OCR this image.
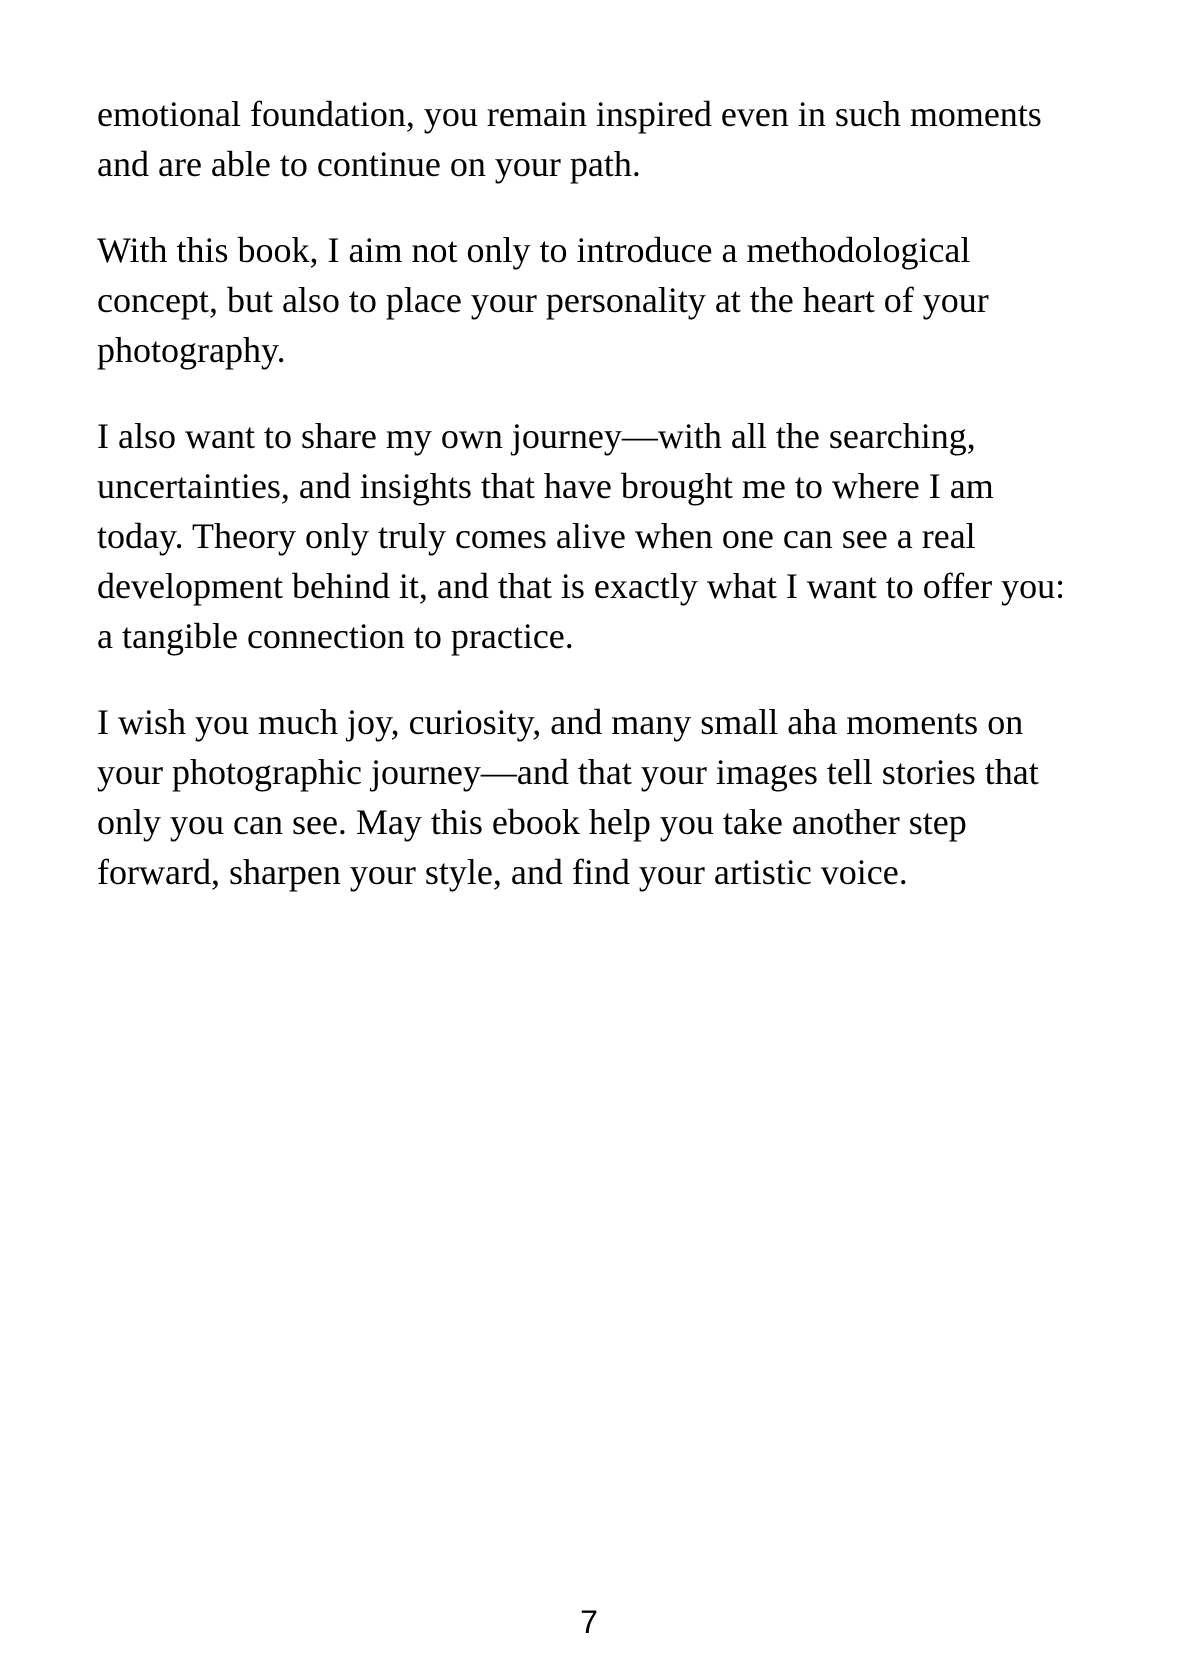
emotional foundation, you remain inspired even in such moments
and are able to continue on your path.

With this book, I aim not only to introduce a methodological
concept, but also to place your personality at the heart of your
photography.

I also want to share my own journey—with all the searching,
uncertainties, and insights that have brought me to where I am
today. Theory only truly comes alive when one can see a real
development behind it, and that is exactly what I want to offer you:
a tangible connection to practice.

I wish you much joy, curiosity, and many small aha moments on
your photographic journey—and that your images tell stories that
only you can see. May this ebook help you take another step
forward, sharpen your style, and find your artistic voice.

7
